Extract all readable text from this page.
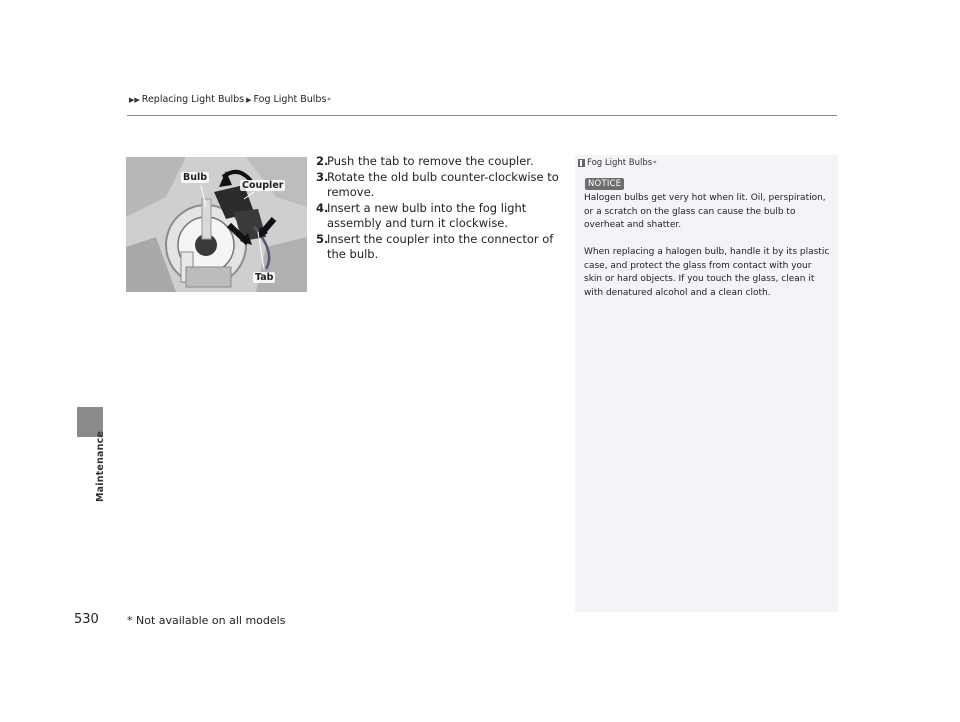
▶▶ Replacing Light Bulbs ▶ Fog Light Bulbs *
Maintenance
Bulb
Coupler
Tab
2.
Push the tab to remove the coupler.
3.
Rotate the old bulb counter-clockwise to remove.
4.
Insert a new bulb into the fog light assembly and turn it clockwise.
5.
Insert the coupler into the connector of the bulb.
Fog Light Bulbs *
NOTICE

Halogen bulbs get very hot when lit. Oil, perspiration, or a scratch on the glass can cause the bulb to overheat and shatter.

When replacing a halogen bulb, handle it by its plastic case, and protect the glass from contact with your skin or hard objects. If you touch the glass, clean it with denatured alcohol and a clean cloth.

530	* Not available on all models
